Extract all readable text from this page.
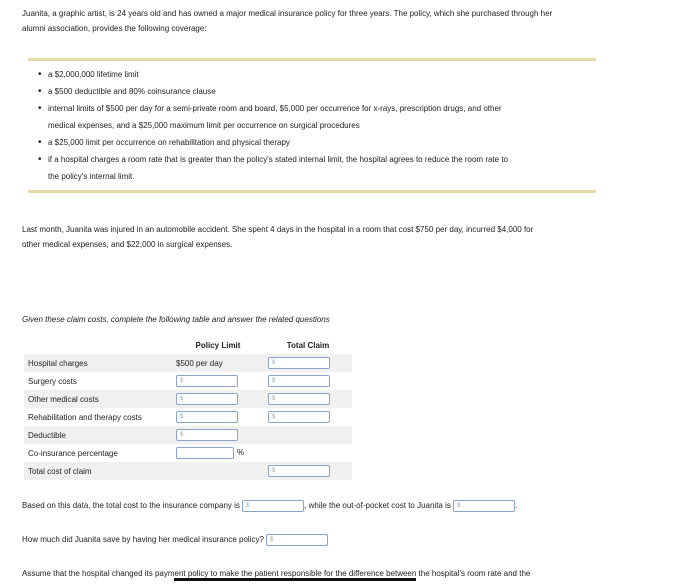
Juanita, a graphic artist, is 24 years old and has owned a major medical insurance policy for three years. The policy, which she purchased through her
alumni association, provides the following coverage:
• a $2,000,000 lifetime limit
• a $500 deductible and 80% coinsurance clause
• internal limits of $500 per day for a semi-private room and board, $5,000 per occurrence for x-rays, prescription drugs, and other
medical expenses, and a $25,000 maximum limit per occurrence on surgical procedures
• a $25,000 limit per occurrence on rehabilitation and physical therapy
• if a hospital charges a room rate that is greater than the policy's stated internal limit, the hospital agrees to reduce the room rate to
the policy's internal limit.
Last month, Juanita was injured in an automobile accident. She spent 4 days in the hospital in a room that cost $750 per day, incurred $4,000 for
other medical expenses, and $22,000 in surgical expenses.
Given these claim costs, complete the following table and answer the related questions
	Policy Limit	Total Claim
Hospital charges	$500 per day	$

Surgery costs	$	$

Other medical costs	$	$

Rehabilitation and therapy costs	$	$

Deductible	$	

Co-insurance percentage	%	
Total cost of claim		$
Based on this data, the total cost to the insurance company is $	, while the out-of-pocket cost to Juanita is $	.
How much did Juanita save by having her medical insurance policy? $
Assume that the hospital changed its payment policy to make the patient responsible for the difference between the hospital's room rate and the
